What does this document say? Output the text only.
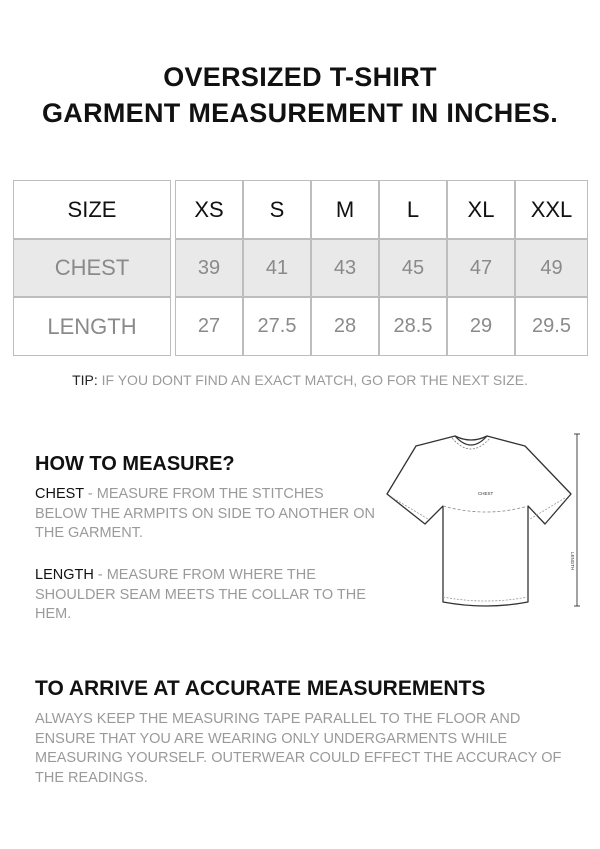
OVERSIZED T-SHIRT
GARMENT MEASUREMENT IN INCHES.
SIZE	XS	S	M	L	XL	XXL
CHEST	39	41	43	45	47	49
LENGTH	27	27.5	28	28.5	29	29.5
TIP: IF YOU DONT FIND AN EXACT MATCH, GO FOR THE NEXT SIZE.
HOW TO MEASURE?
CHEST - MEASURE FROM THE STITCHES BELOW THE ARMPITS ON SIDE TO ANOTHER ON THE GARMENT.
LENGTH - MEASURE FROM WHERE THE SHOULDER SEAM MEETS THE COLLAR TO THE HEM.
CHEST
LENGTH
TO ARRIVE AT ACCURATE MEASUREMENTS
ALWAYS KEEP THE MEASURING TAPE PARALLEL TO THE FLOOR AND ENSURE THAT YOU ARE WEARING ONLY UNDERGARMENTS WHILE MEASURING YOURSELF. OUTERWEAR COULD EFFECT THE ACCURACY OF THE READINGS.
